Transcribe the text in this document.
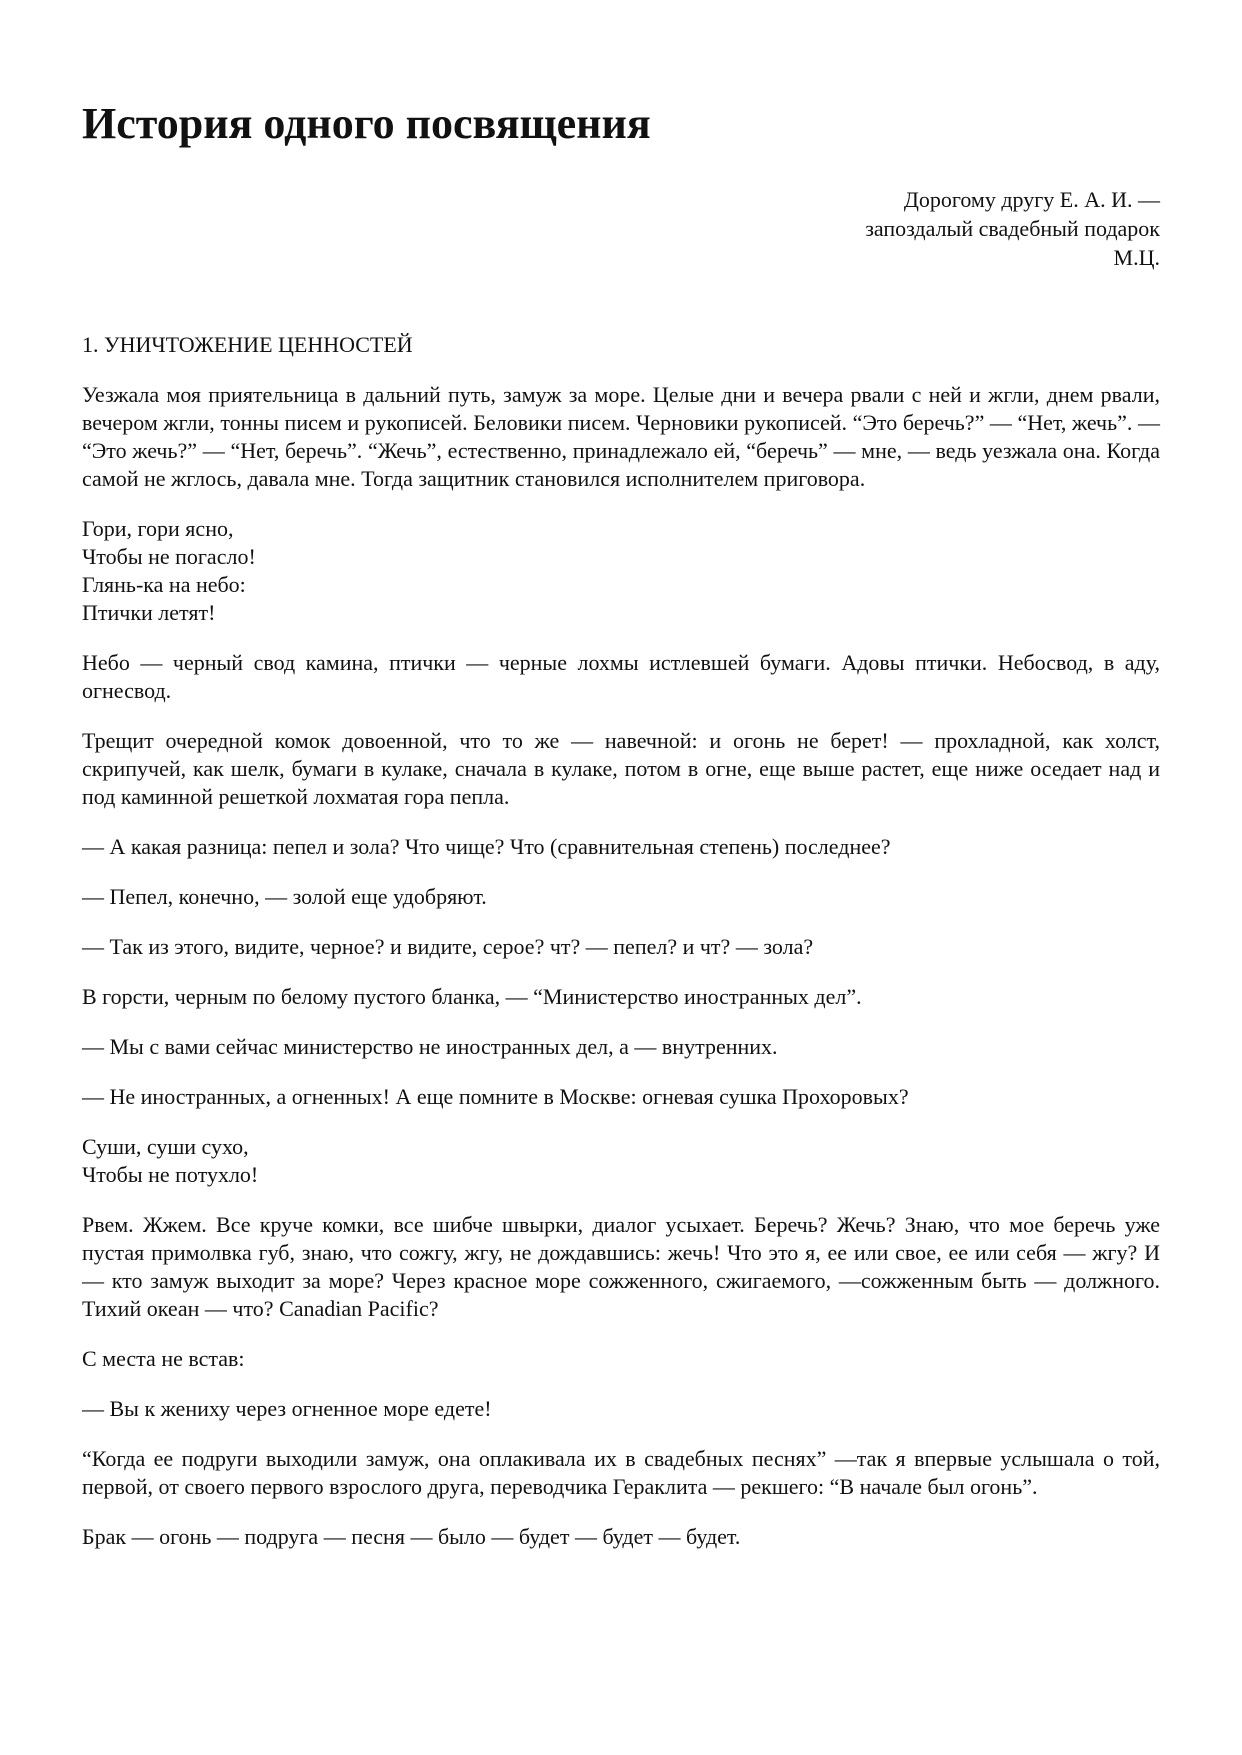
История одного посвящения
Дорогому другу Е. А. И. —
запоздалый свадебный подарок
М.Ц.
1. УНИЧТОЖЕНИЕ ЦЕННОСТЕЙ

Уезжала моя приятельница в дальний путь, замуж за море. Целые дни и вечера рвали с ней и жгли, днем рвали, вечером жгли, тонны писем и рукописей. Беловики писем. Черновики рукописей. “Это беречь?” — “Нет, жечь”. — “Это жечь?” — “Нет, беречь”. “Жечь”, естественно, принадлежало ей, “беречь” — мне, — ведь уезжала она. Когда самой не жглось, давала мне. Тогда защитник становился исполнителем приговора.

Гори, гори ясно,
Чтобы не погасло!
Глянь-ка на небо:
Птички летят!

Небо — черный свод камина, птички — черные лохмы истлевшей бумаги. Адовы птички. Небосвод, в аду, огнесвод.

Трещит очередной комок довоенной, что то же — навечной: и огонь не берет! — прохладной, как холст, скрипучей, как шелк, бумаги в кулаке, сначала в кулаке, потом в огне, еще выше растет, еще ниже оседает над и под каминной решеткой лохматая гора пепла.

— А какая разница: пепел и зола? Что чище? Что (сравнительная степень) последнее?

— Пепел, конечно, — золой еще удобряют.

— Так из этого, видите, черное? и видите, серое? чт? — пепел? и чт? — зола?

В горсти, черным по белому пустого бланка, — “Министерство иностранных дел”.

— Мы с вами сейчас министерство не иностранных дел, а — внутренних.

— Не иностранных, а огненных! А еще помните в Москве: огневая сушка Прохоровых?

Суши, суши сухо,
Чтобы не потухло!

Рвем. Жжем. Все круче комки, все шибче швырки, диалог усыхает. Беречь? Жечь? Знаю, что мое беречь уже пустая примолвка губ, знаю, что сожгу, жгу, не дождавшись: жечь! Что это я, ее или свое, ее или себя — жгу? И — кто замуж выходит за море? Через красное море сожженного, сжигаемого, —сожженным быть — должного. Тихий океан — что? Canadian Pacific?

С места не встав:

— Вы к жениху через огненное море едете!

“Когда ее подруги выходили замуж, она оплакивала их в свадебных песнях” —так я впервые услышала о той, первой, от своего первого взрослого друга, переводчика Гераклита — рекшего: “В начале был огонь”.

Брак — огонь — подруга — песня — было — будет — будет — будет.
